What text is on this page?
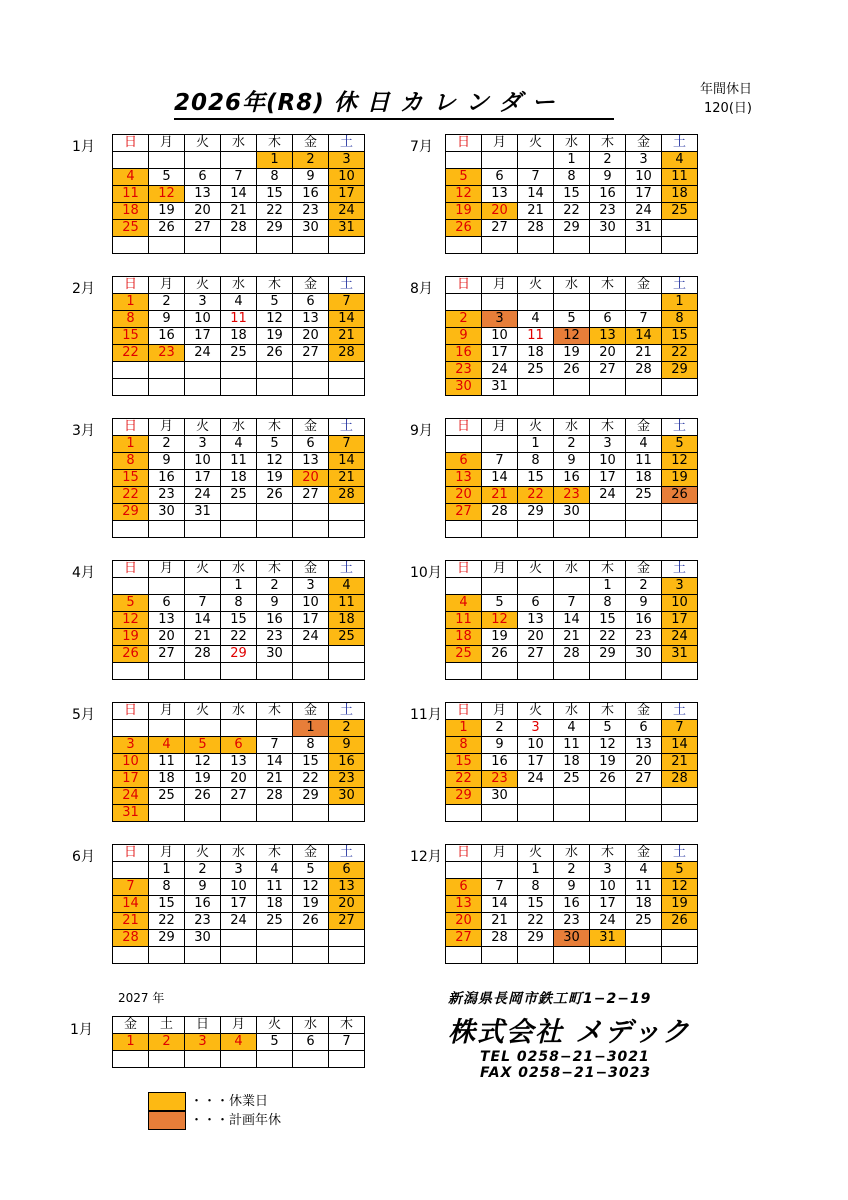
2026年(R8) 休 日 カ レ ン ダ ー
年間休日
120(日)
1月 日	月	火	水	木	金	土
				1	2	3
4	5	6	7	8	9	10
11	12	13	14	15	16	17
18	19	20	21	22	23	24
25	26	27	28	29	30	31

2月 日	月	火	水	木	金	土
1	2	3	4	5	6	7
8	9	10	11	12	13	14
15	16	17	18	19	20	21
22	23	24	25	26	27	28

3月 日	月	火	水	木	金	土
1	2	3	4	5	6	7
8	9	10	11	12	13	14
15	16	17	18	19	20	21
22	23	24	25	26	27	28
29	30	31				

4月 日	月	火	水	木	金	土
			1	2	3	4
5	6	7	8	9	10	11
12	13	14	15	16	17	18
19	20	21	22	23	24	25
26	27	28	29	30		

5月 日	月	火	水	木	金	土
					1	2
3	4	5	6	7	8	9
10	11	12	13	14	15	16
17	18	19	20	21	22	23
24	25	26	27	28	29	30
31						
6月 日	月	火	水	木	金	土
	1	2	3	4	5	6
7	8	9	10	11	12	13
14	15	16	17	18	19	20
21	22	23	24	25	26	27
28	29	30				

7月 日	月	火	水	木	金	土
			1	2	3	4
5	6	7	8	9	10	11
12	13	14	15	16	17	18
19	20	21	22	23	24	25
26	27	28	29	30	31	

8月 日	月	火	水	木	金	土
						1
2	3	4	5	6	7	8
9	10	11	12	13	14	15
16	17	18	19	20	21	22
23	24	25	26	27	28	29
30	31					
9月 日	月	火	水	木	金	土
		1	2	3	4	5
6	7	8	9	10	11	12
13	14	15	16	17	18	19
20	21	22	23	24	25	26
27	28	29	30			

10月 日	月	火	水	木	金	土
				1	2	3
4	5	6	7	8	9	10
11	12	13	14	15	16	17
18	19	20	21	22	23	24
25	26	27	28	29	30	31

11月 日	月	火	水	木	金	土
1	2	3	4	5	6	7
8	9	10	11	12	13	14
15	16	17	18	19	20	21
22	23	24	25	26	27	28
29	30					

12月 日	月	火	水	木	金	土
		1	2	3	4	5
6	7	8	9	10	11	12
13	14	15	16	17	18	19
20	21	22	23	24	25	26
27	28	29	30	31		

2027 年
1月 金	土	日	月	火	水	木
1	2	3	4	5	6	7

新潟県長岡市鉄工町1−2−19
株式会社 メデック
TEL 0258−21−3021
FAX 0258−21−3023
・・・休業日
・・・計画年休
